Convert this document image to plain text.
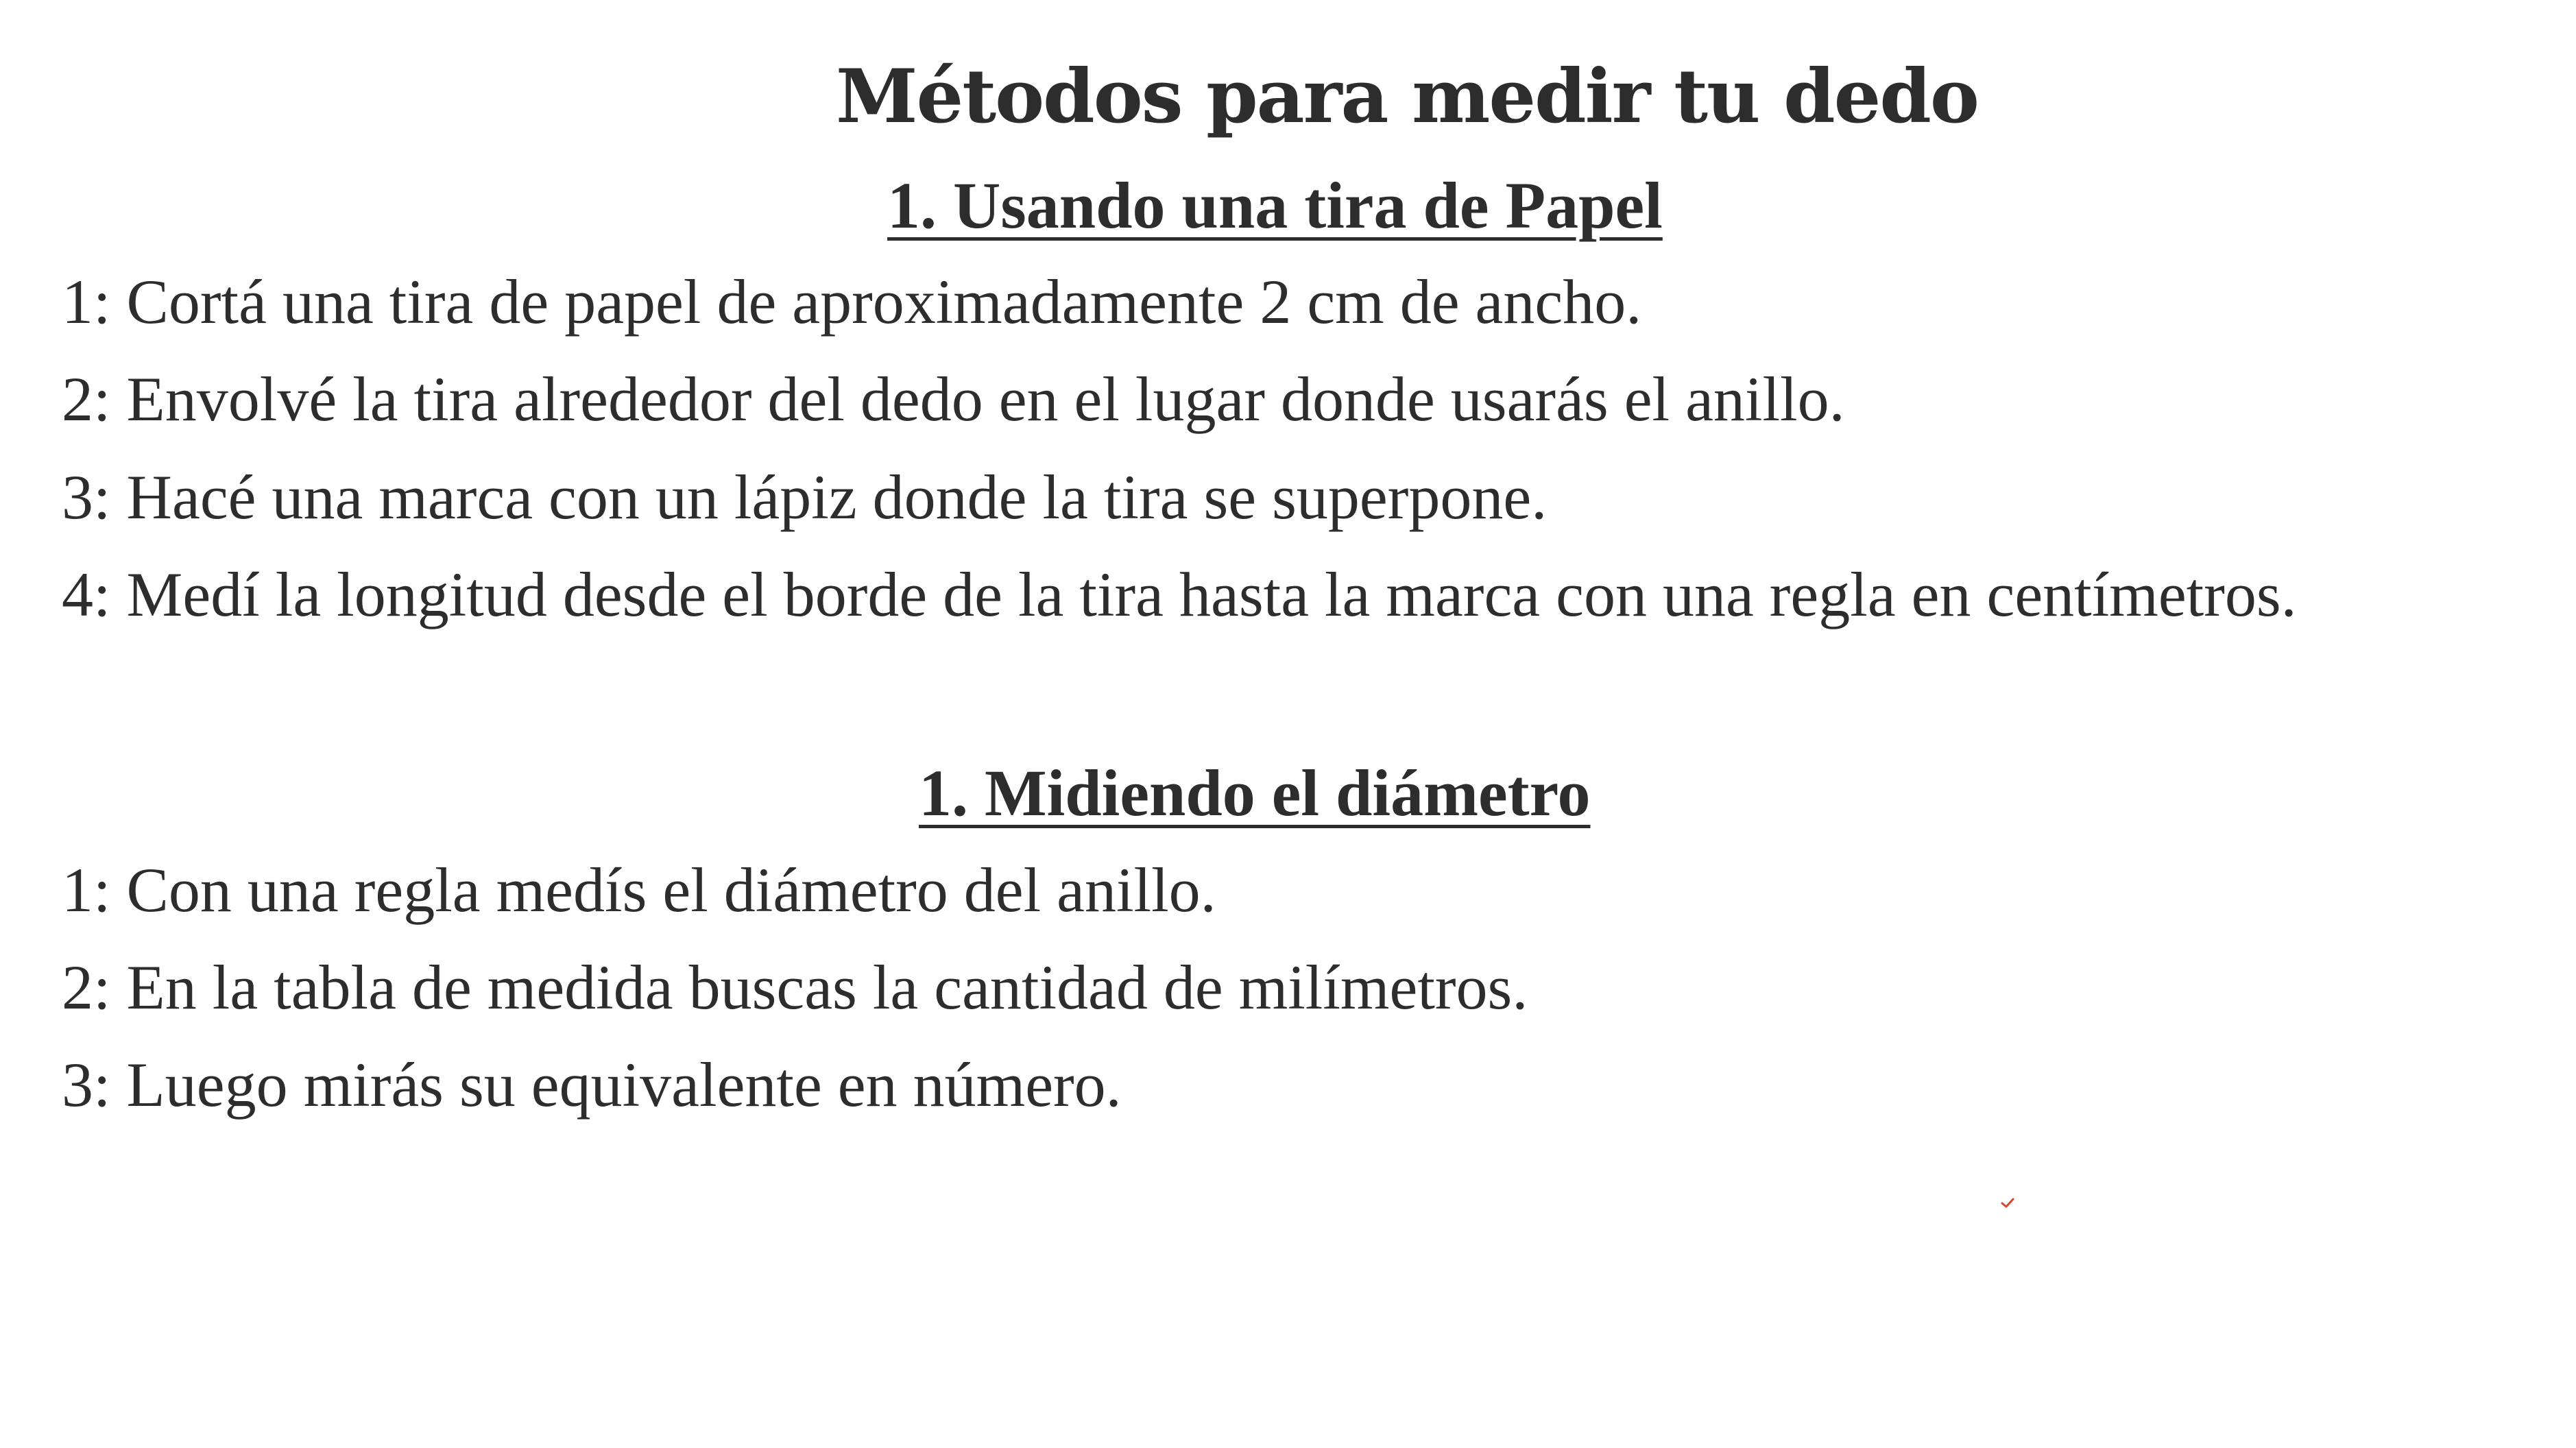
Métodos para medir tu dedo
1. Usando una tira de Papel

1: Cortá una tira de papel de aproximadamente 2 cm de ancho.

2: Envolvé la tira alrededor del dedo en el lugar donde usarás el anillo.

3: Hacé una marca con un lápiz donde la tira se superpone.

4: Medí la longitud desde el borde de la tira hasta la marca con una regla en centímetros.

1. Midiendo el diámetro

1: Con una regla medís el diámetro del anillo.

2: En la tabla de medida buscas la cantidad de milímetros.

3: Luego mirás su equivalente en número.
